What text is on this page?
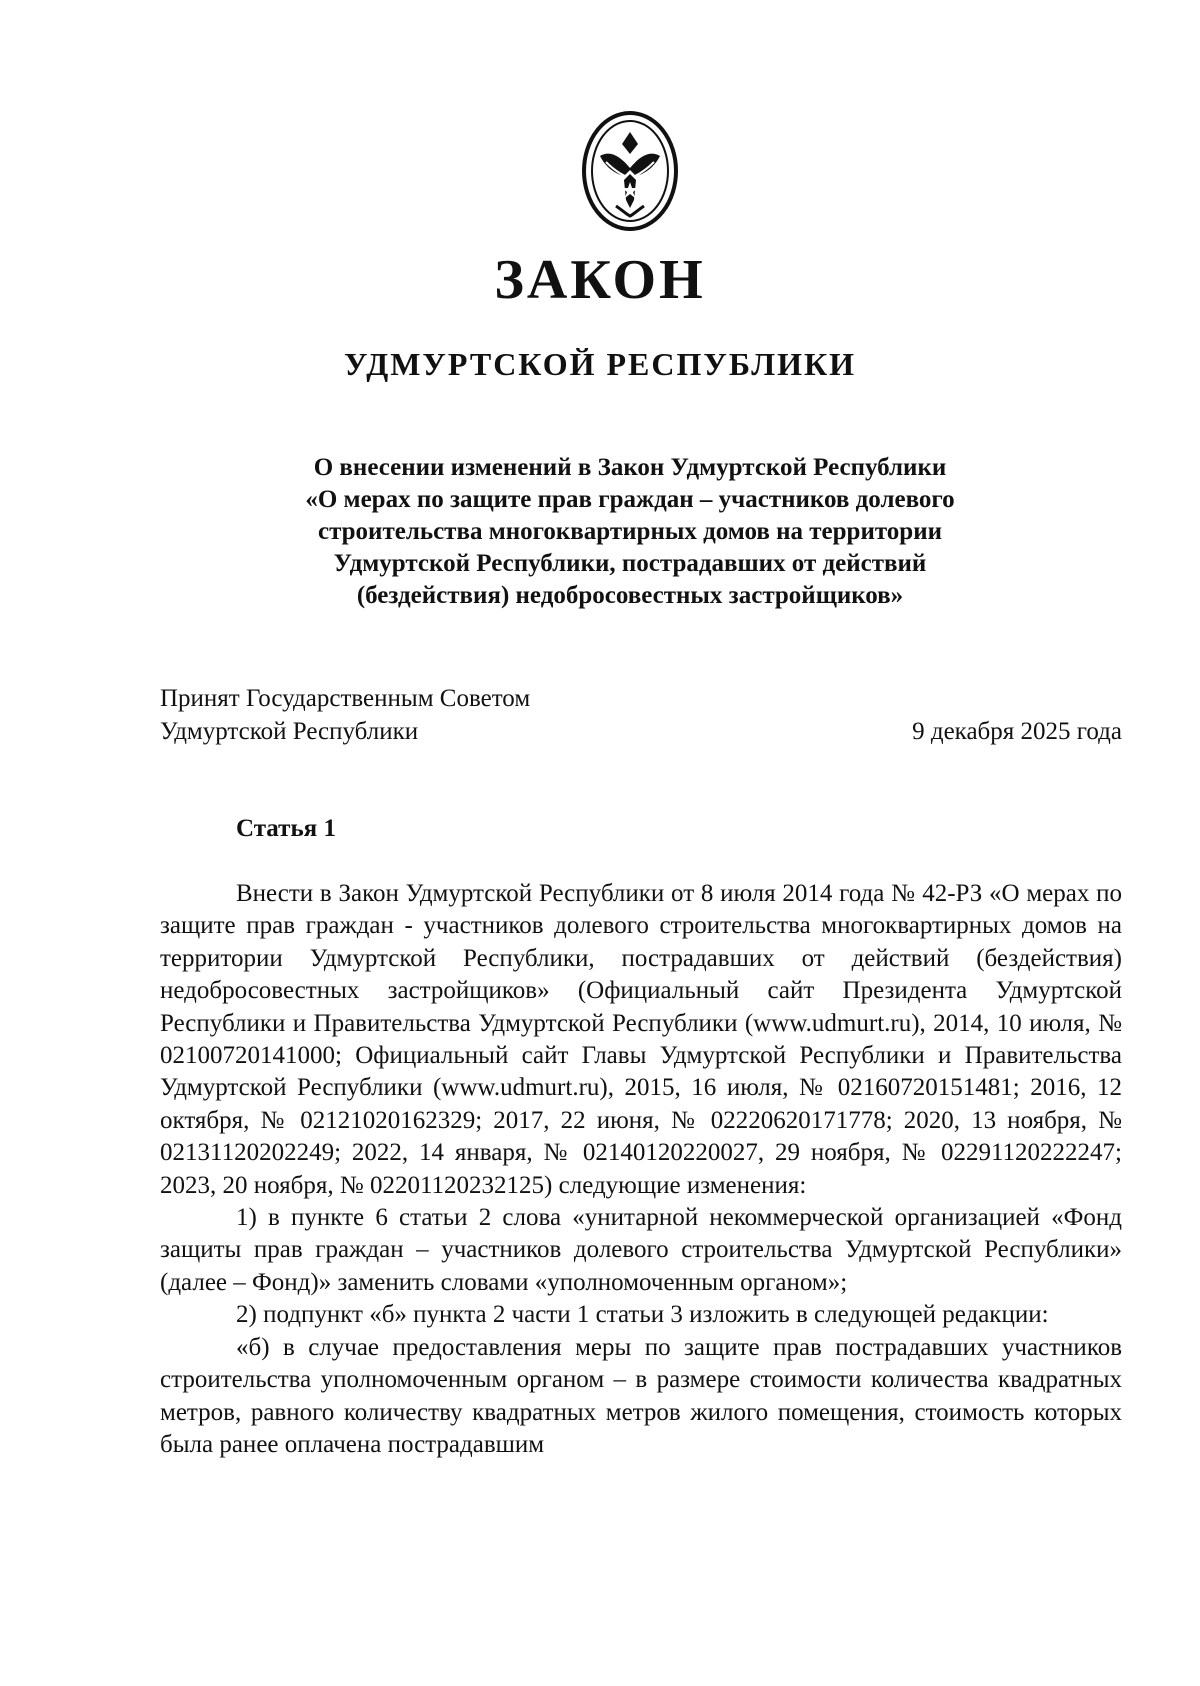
ЗАКОН
УДМУРТСКОЙ РЕСПУБЛИКИ
О внесении изменений в Закон Удмуртской Республики
«О мерах по защите прав граждан – участников долевого
строительства многоквартирных домов на территории
Удмуртской Республики, пострадавших от действий
(бездействия) недобросовестных застройщиков»
Принят Государственным Советом
Удмуртской Республики	9 декабря 2025 года
Статья 1

Внести в Закон Удмуртской Республики от 8 июля 2014 года № 42-РЗ «О мерах по защите прав граждан - участников долевого строительства многоквартирных домов на территории Удмуртской Республики, пострадавших от действий (бездействия) недобросовестных застройщиков» (Официальный сайт Президента Удмуртской Республики и Правительства Удмуртской Республики (www.udmurt.ru), 2014, 10 июля, № 02100720141000; Официальный сайт Главы Удмуртской Республики и Правительства Удмуртской Республики (www.udmurt.ru), 2015, 16 июля, № 02160720151481; 2016, 12 октября, № 02121020162329; 2017, 22 июня, № 02220620171778; 2020, 13 ноября, № 02131120202249; 2022, 14 января, № 02140120220027, 29 ноября, № 02291120222247; 2023, 20 ноября, № 02201120232125) следующие изменения:

1) в пункте 6 статьи 2 слова «унитарной некоммерческой организацией «Фонд защиты прав граждан – участников долевого строительства Удмуртской Республики» (далее – Фонд)» заменить словами «уполномоченным органом»;

2) подпункт «б» пункта 2 части 1 статьи 3 изложить в следующей редакции:

«б) в случае предоставления меры по защите прав пострадавших участников строительства уполномоченным органом – в размере стоимости количества квадратных метров, равного количеству квадратных метров жилого помещения, стоимость которых была ранее оплачена пострадавшим
